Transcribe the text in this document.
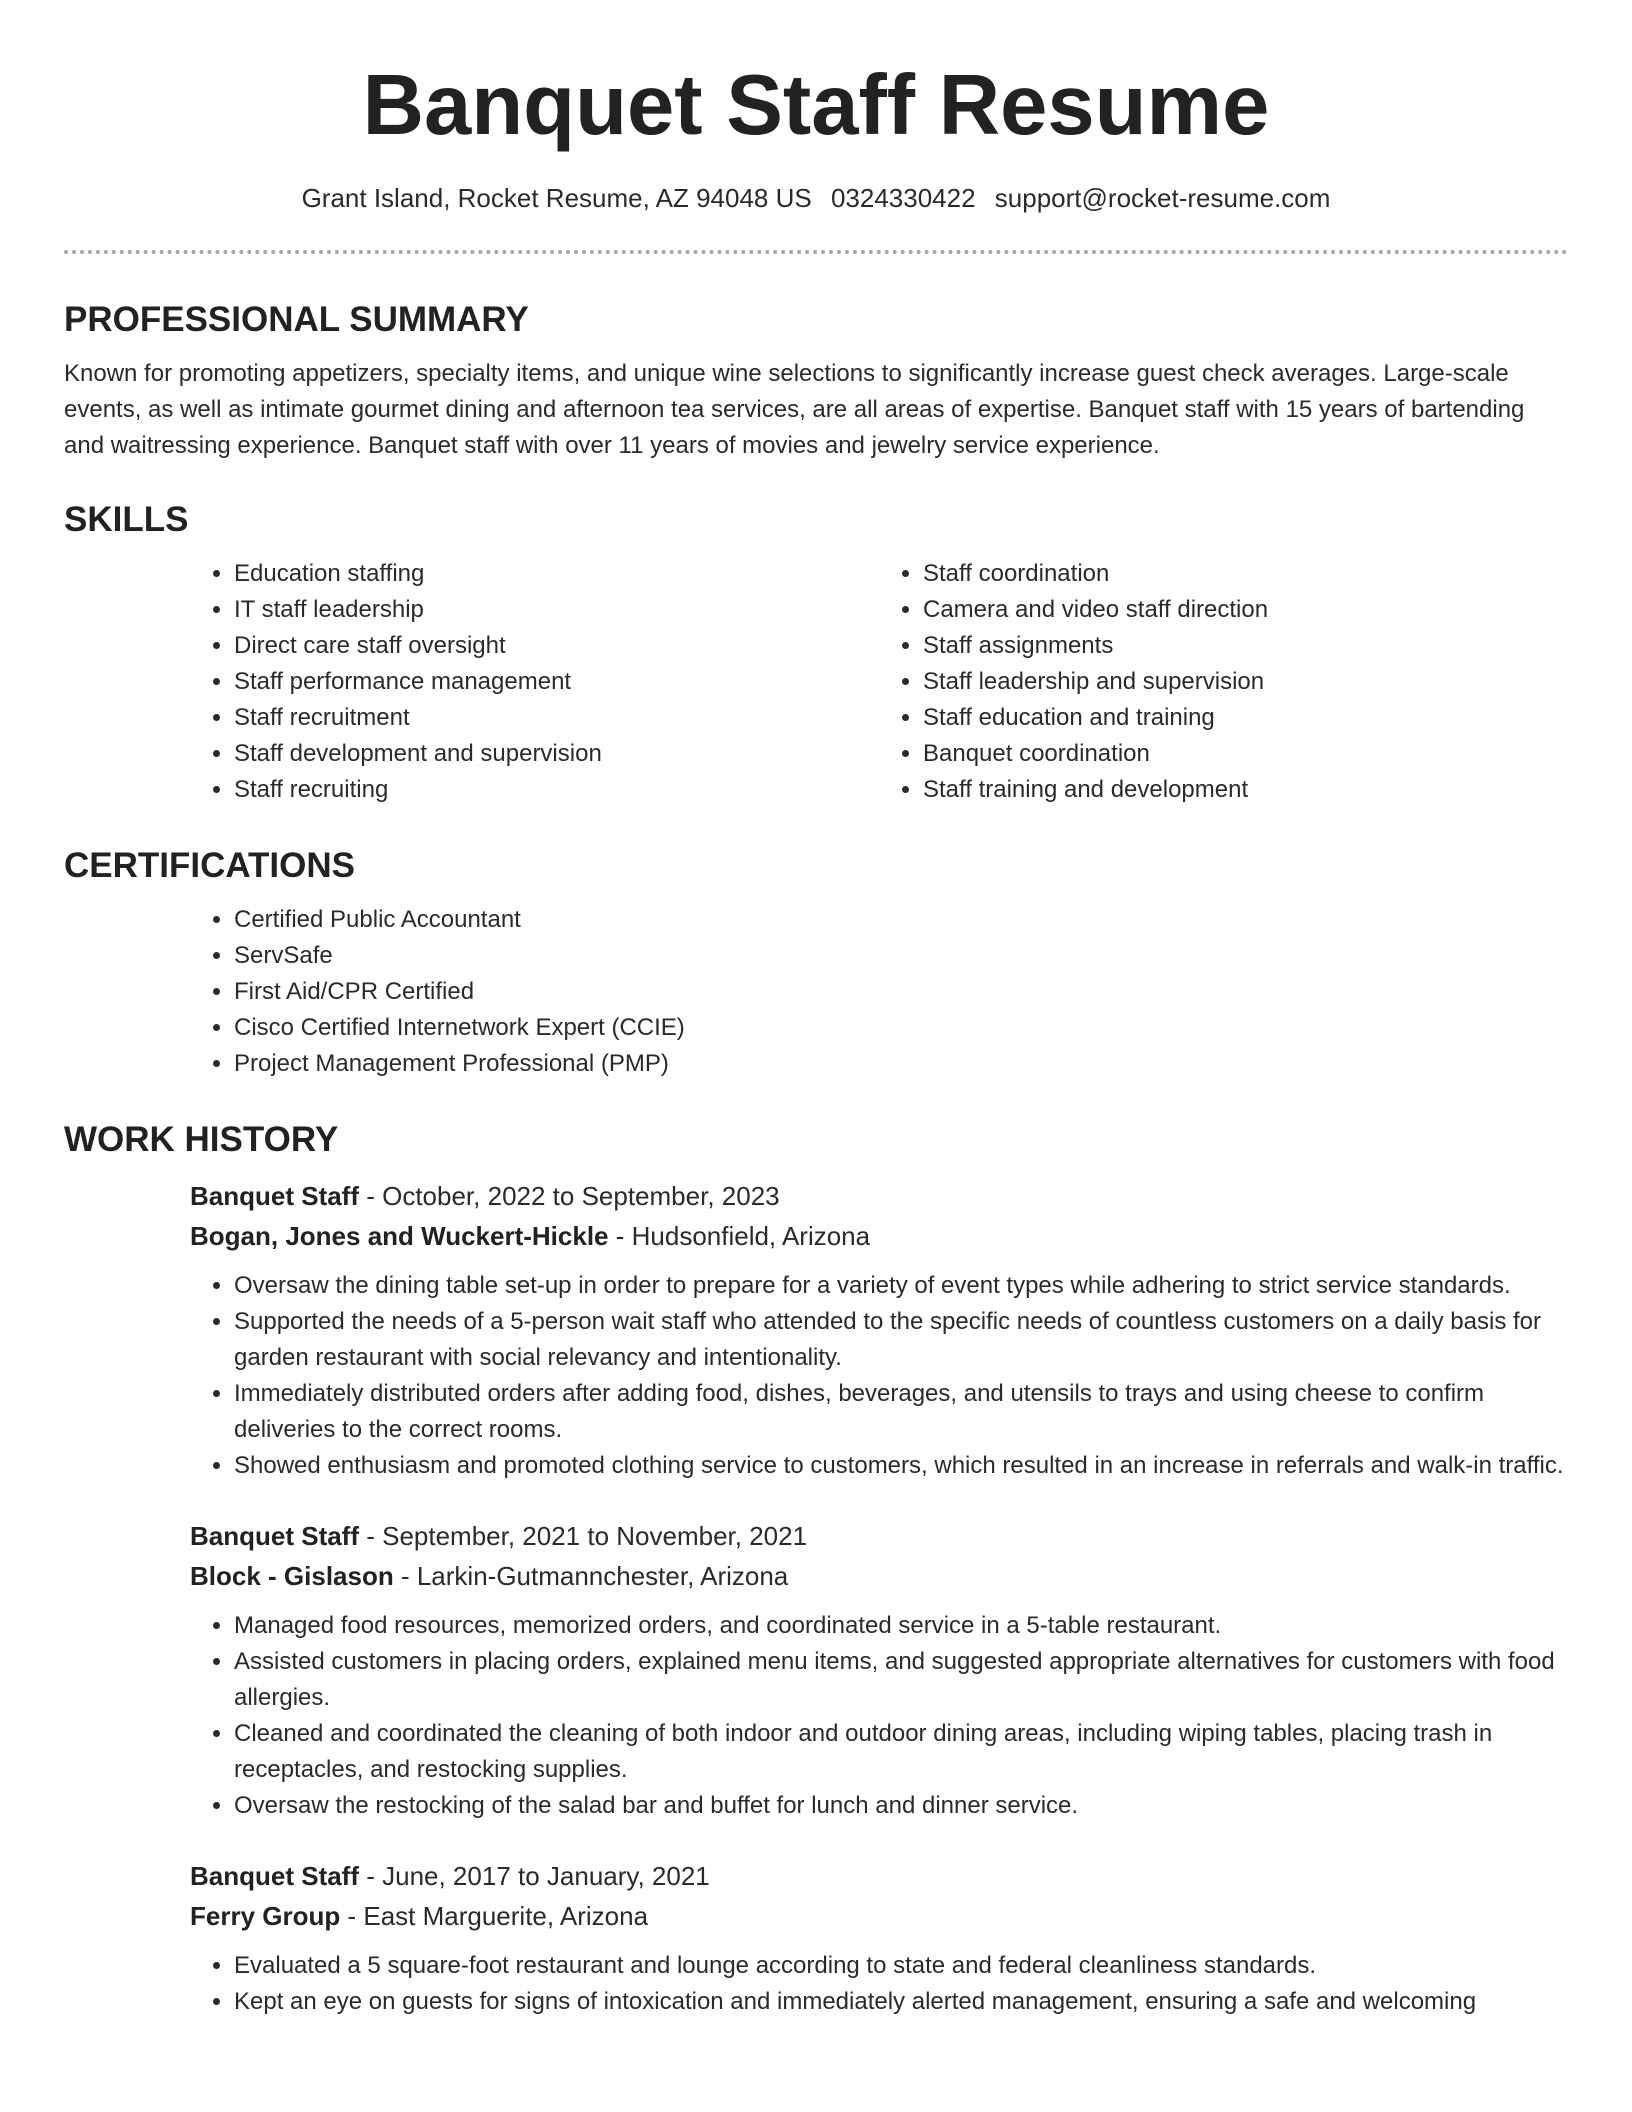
Banquet Staff Resume
Grant Island, Rocket Resume, AZ 94048 US 0324330422 support@rocket-resume.com
PROFESSIONAL SUMMARY

Known for promoting appetizers, specialty items, and unique wine selections to significantly increase guest check averages. Large-scale events, as well as intimate gourmet dining and afternoon tea services, are all areas of expertise. Banquet staff with 15 years of bartending and waitressing experience. Banquet staff with over 11 years of movies and jewelry service experience.

SKILLS
• Education staffing
• IT staff leadership
• Direct care staff oversight
• Staff performance management
• Staff recruitment
• Staff development and supervision
• Staff recruiting
• Staff coordination
• Camera and video staff direction
• Staff assignments
• Staff leadership and supervision
• Staff education and training
• Banquet coordination
• Staff training and development
CERTIFICATIONS
• Certified Public Accountant
• ServSafe
• First Aid/CPR Certified
• Cisco Certified Internetwork Expert (CCIE)
• Project Management Professional (PMP)
WORK HISTORY
Banquet Staff - October, 2022 to September, 2023
Bogan, Jones and Wuckert-Hickle - Hudsonfield, Arizona
• Oversaw the dining table set-up in order to prepare for a variety of event types while adhering to strict service standards.
• Supported the needs of a 5-person wait staff who attended to the specific needs of countless customers on a daily basis for garden restaurant with social relevancy and intentionality.
• Immediately distributed orders after adding food, dishes, beverages, and utensils to trays and using cheese to confirm deliveries to the correct rooms.
• Showed enthusiasm and promoted clothing service to customers, which resulted in an increase in referrals and walk-in traffic.
Banquet Staff - September, 2021 to November, 2021
Block - Gislason - Larkin-Gutmannchester, Arizona
• Managed food resources, memorized orders, and coordinated service in a 5-table restaurant.
• Assisted customers in placing orders, explained menu items, and suggested appropriate alternatives for customers with food allergies.
• Cleaned and coordinated the cleaning of both indoor and outdoor dining areas, including wiping tables, placing trash in receptacles, and restocking supplies.
• Oversaw the restocking of the salad bar and buffet for lunch and dinner service.
Banquet Staff - June, 2017 to January, 2021
Ferry Group - East Marguerite, Arizona
• Evaluated a 5 square-foot restaurant and lounge according to state and federal cleanliness standards.
• Kept an eye on guests for signs of intoxication and immediately alerted management, ensuring a safe and welcoming
